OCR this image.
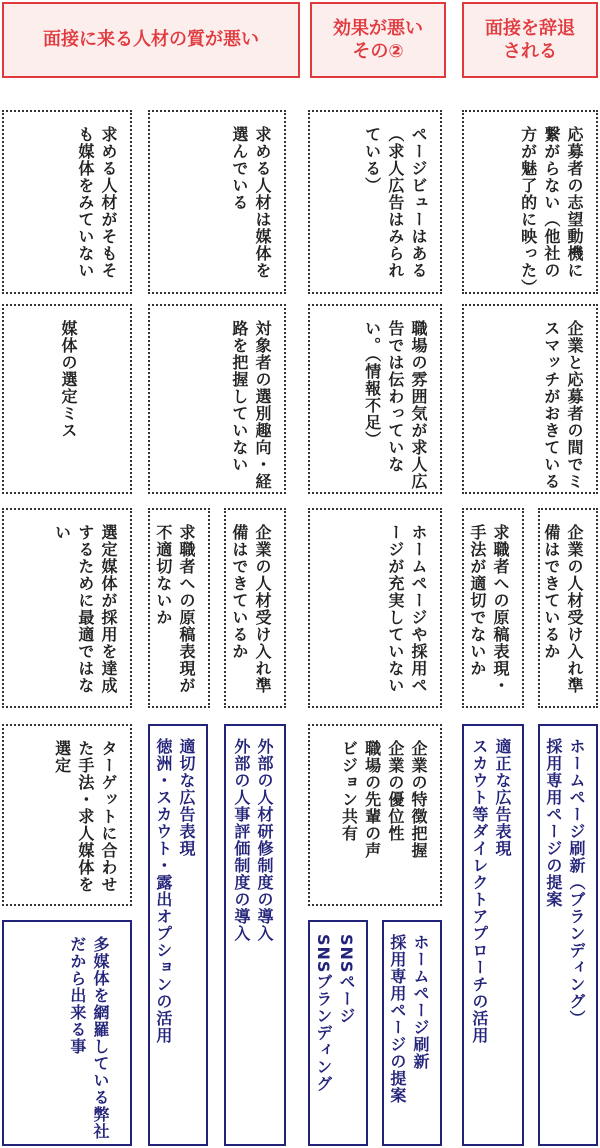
面接に来る人材の質が悪い
効果が悪い
その②
面接を辞退
される
求める人材がそもそも媒体をみていない
媒体の選定ミス
選定媒体が採用を達成するために最適ではない
求める人材は媒体を選んでいる
対象者の選別趣向・経路を把握していない
求職者への原稿表現が不適切ないか	企業の人材受け入れ準備はできているか
ページビューはある（求人広告はみられている）
職場の雰囲気が求人広告では伝わっていない。（情報不足）
ホームページや採用ページが充実していない
応募者の志望動機に繋がらない（他社の方が魅了的に映った）
企業と応募者の間でミスマッチがおきている
求職者への原稿表現・手法が適切でないか	企業の人材受け入れ準備はできているか
ターゲットに合わせた手法・求人媒体を選定
多媒体を網羅している弊社だから出来る事
適切な広告表現
徳洲・スカウト・露出オプションの活用	外部の人材研修制度の導入
外部の人事評価制度の導入	企業の特徴把握
企業の優位性
職場の先輩の声
ビジョン共有
SNSページ
SNSブランディング	ホームページ刷新
採用専用ページの提案
適正な広告表現
スカウト等ダイレクトアプローチの活用	ホームページ刷新（ブランディング）
採用専用ページの提案
